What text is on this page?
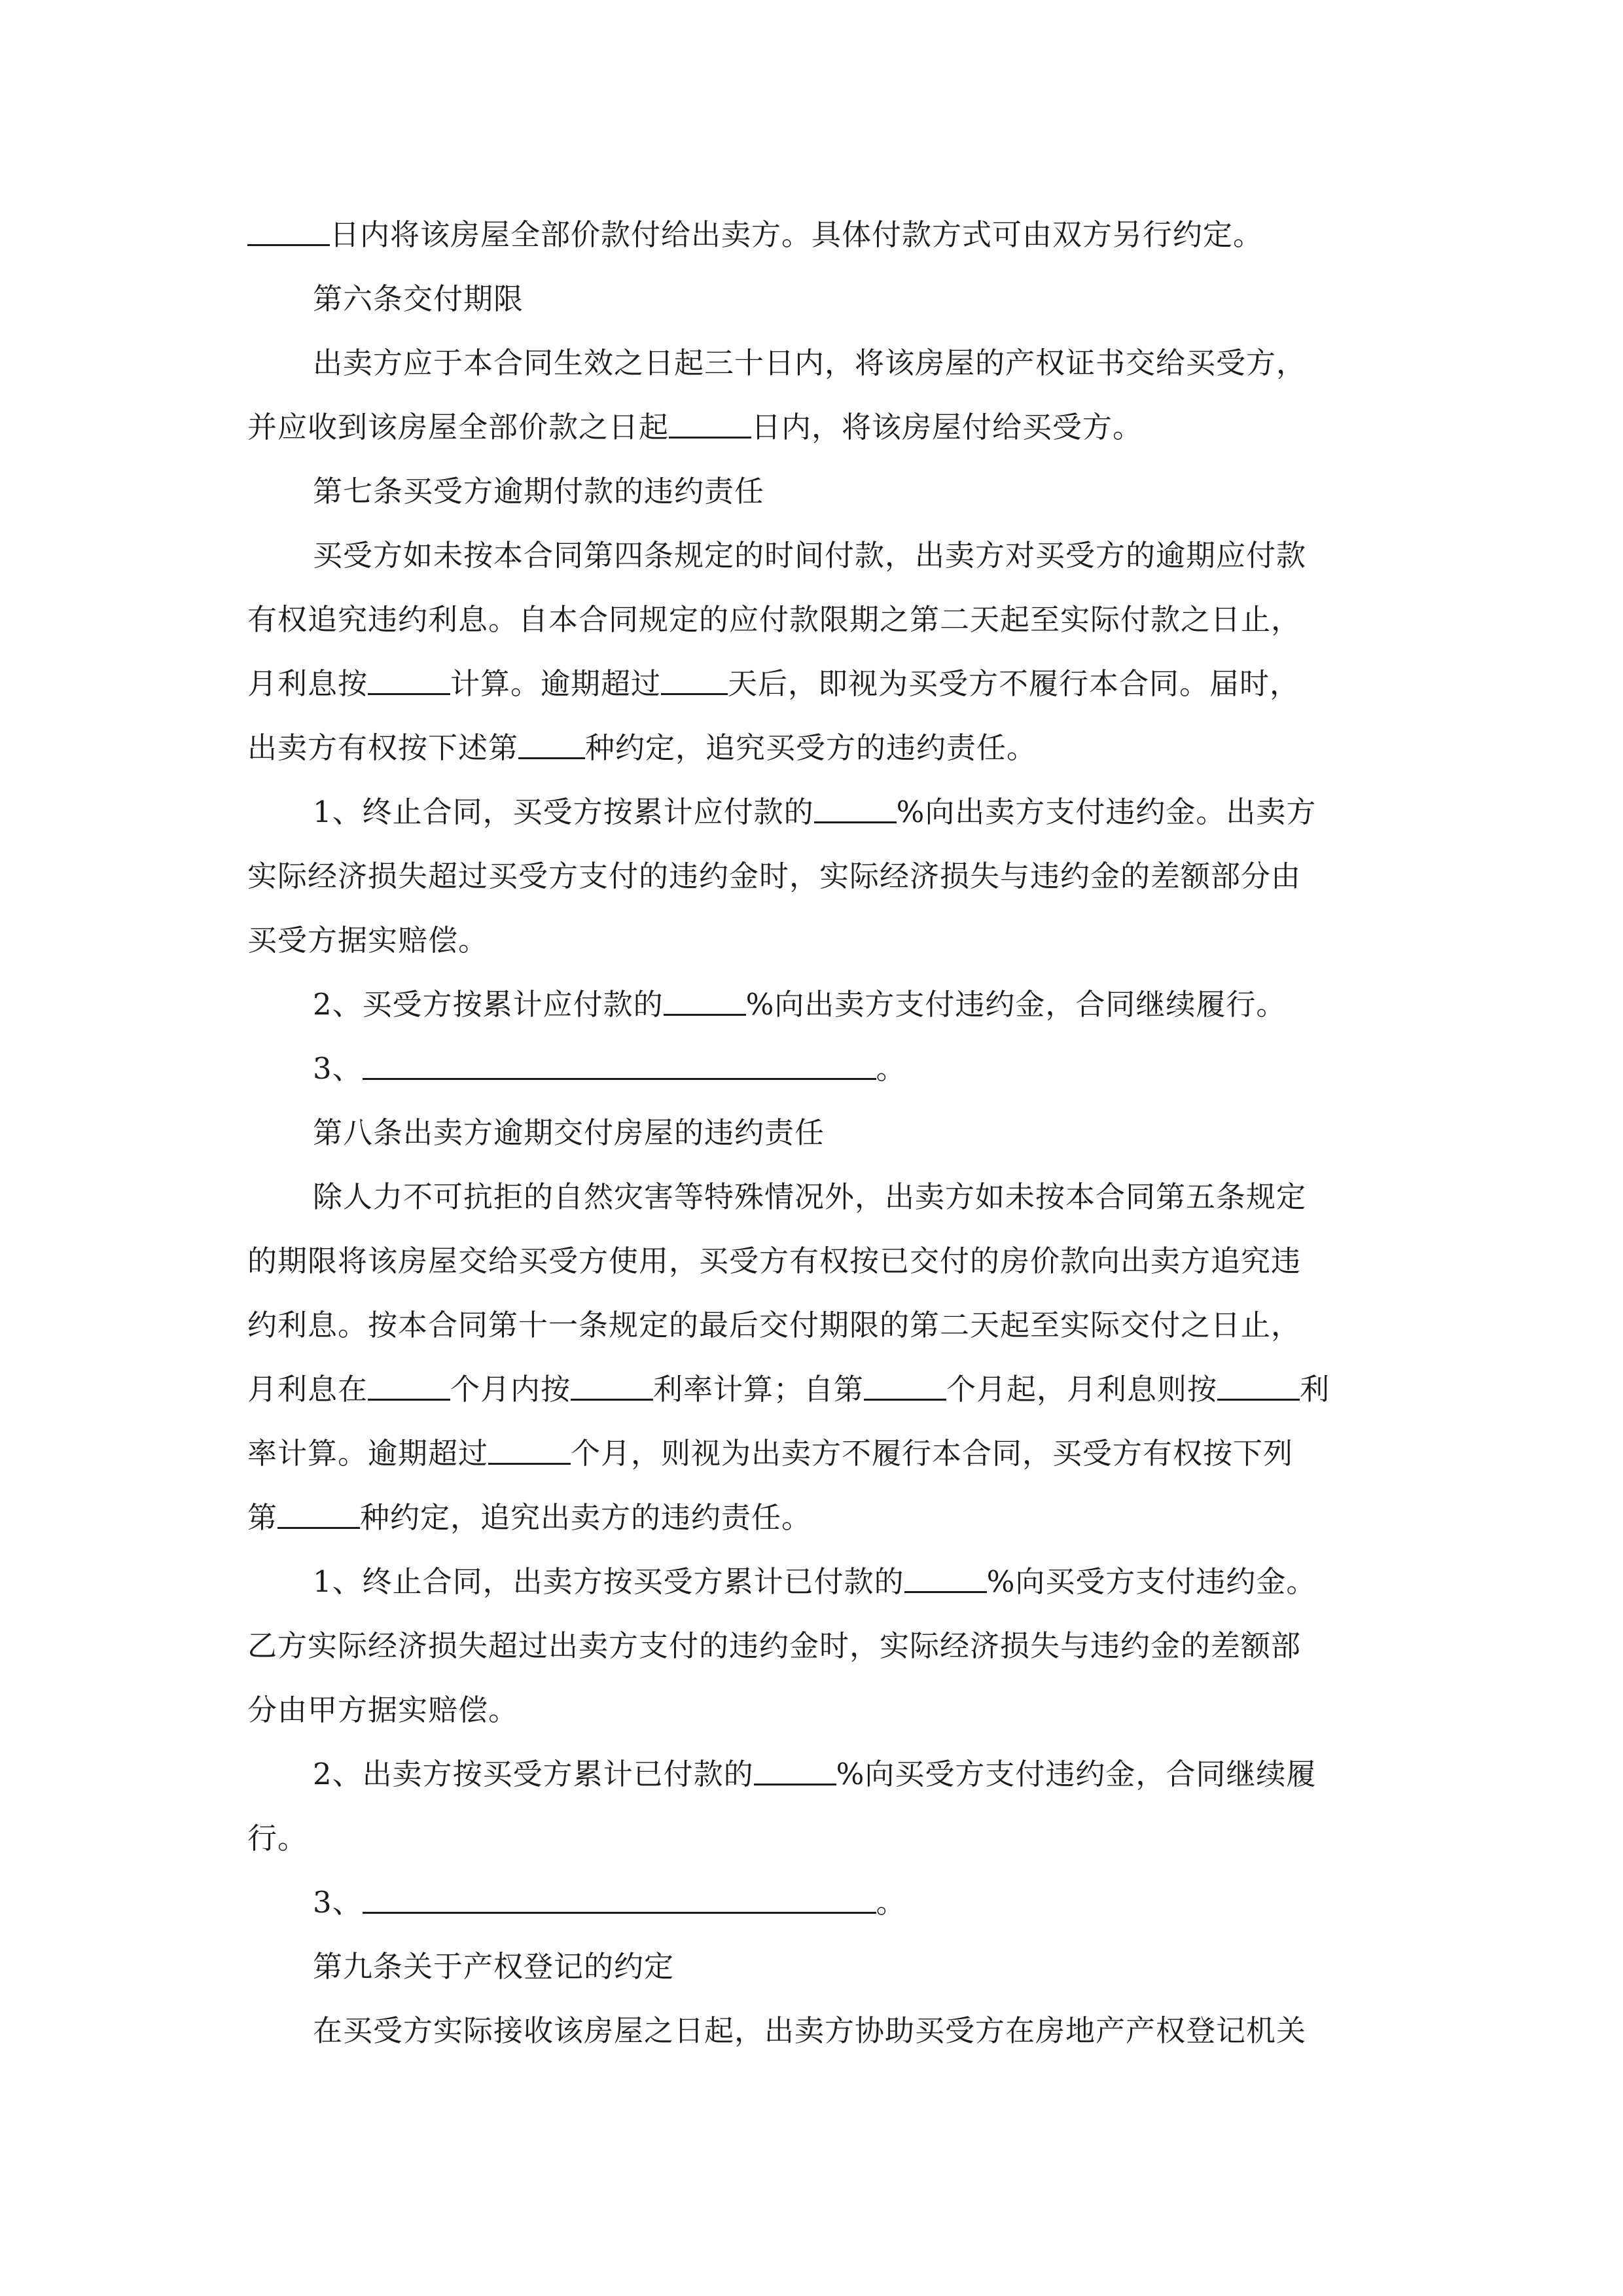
日内将该房屋全部价款付给出卖方。具体付款方式可由双方另行约定。
第六条交付期限
出卖方应于本合同生效之日起三十日内，将该房屋的产权证书交给买受方，
并应收到该房屋全部价款之日起	日内，将该房屋付给买受方。
第七条买受方逾期付款的违约责任
买受方如未按本合同第四条规定的时间付款，出卖方对买受方的逾期应付款
有权追究违约利息。自本合同规定的应付款限期之第二天起至实际付款之日止，
月利息按	计算。逾期超过 天后，即视为买受方不履行本合同。届时，
出卖方有权按下述第 种约定，追究买受方的违约责任。
1、终止合同，买受方按累计应付款的	%向出卖方支付违约金。出卖方
实际经济损失超过买受方支付的违约金时，实际经济损失与违约金的差额部分由
买受方据实赔偿。
2、买受方按累计应付款的	%向出卖方支付违约金，合同继续履行。
3、	。
第八条出卖方逾期交付房屋的违约责任
除人力不可抗拒的自然灾害等特殊情况外，出卖方如未按本合同第五条规定
的期限将该房屋交给买受方使用，买受方有权按已交付的房价款向出卖方追究违
约利息。按本合同第十一条规定的最后交付期限的第二天起至实际交付之日止，
月利息在	个月内按	利率计算；自第	个月起，月利息则按	利
率计算。逾期超过	个月，则视为出卖方不履行本合同，买受方有权按下列
第	种约定，追究出卖方的违约责任。
1、终止合同，出卖方按买受方累计已付款的	%向买受方支付违约金。
乙方实际经济损失超过出卖方支付的违约金时，实际经济损失与违约金的差额部
分由甲方据实赔偿。
2、出卖方按买受方累计已付款的	%向买受方支付违约金，合同继续履
行。
3、	。
第九条关于产权登记的约定
在买受方实际接收该房屋之日起，出卖方协助买受方在房地产产权登记机关
